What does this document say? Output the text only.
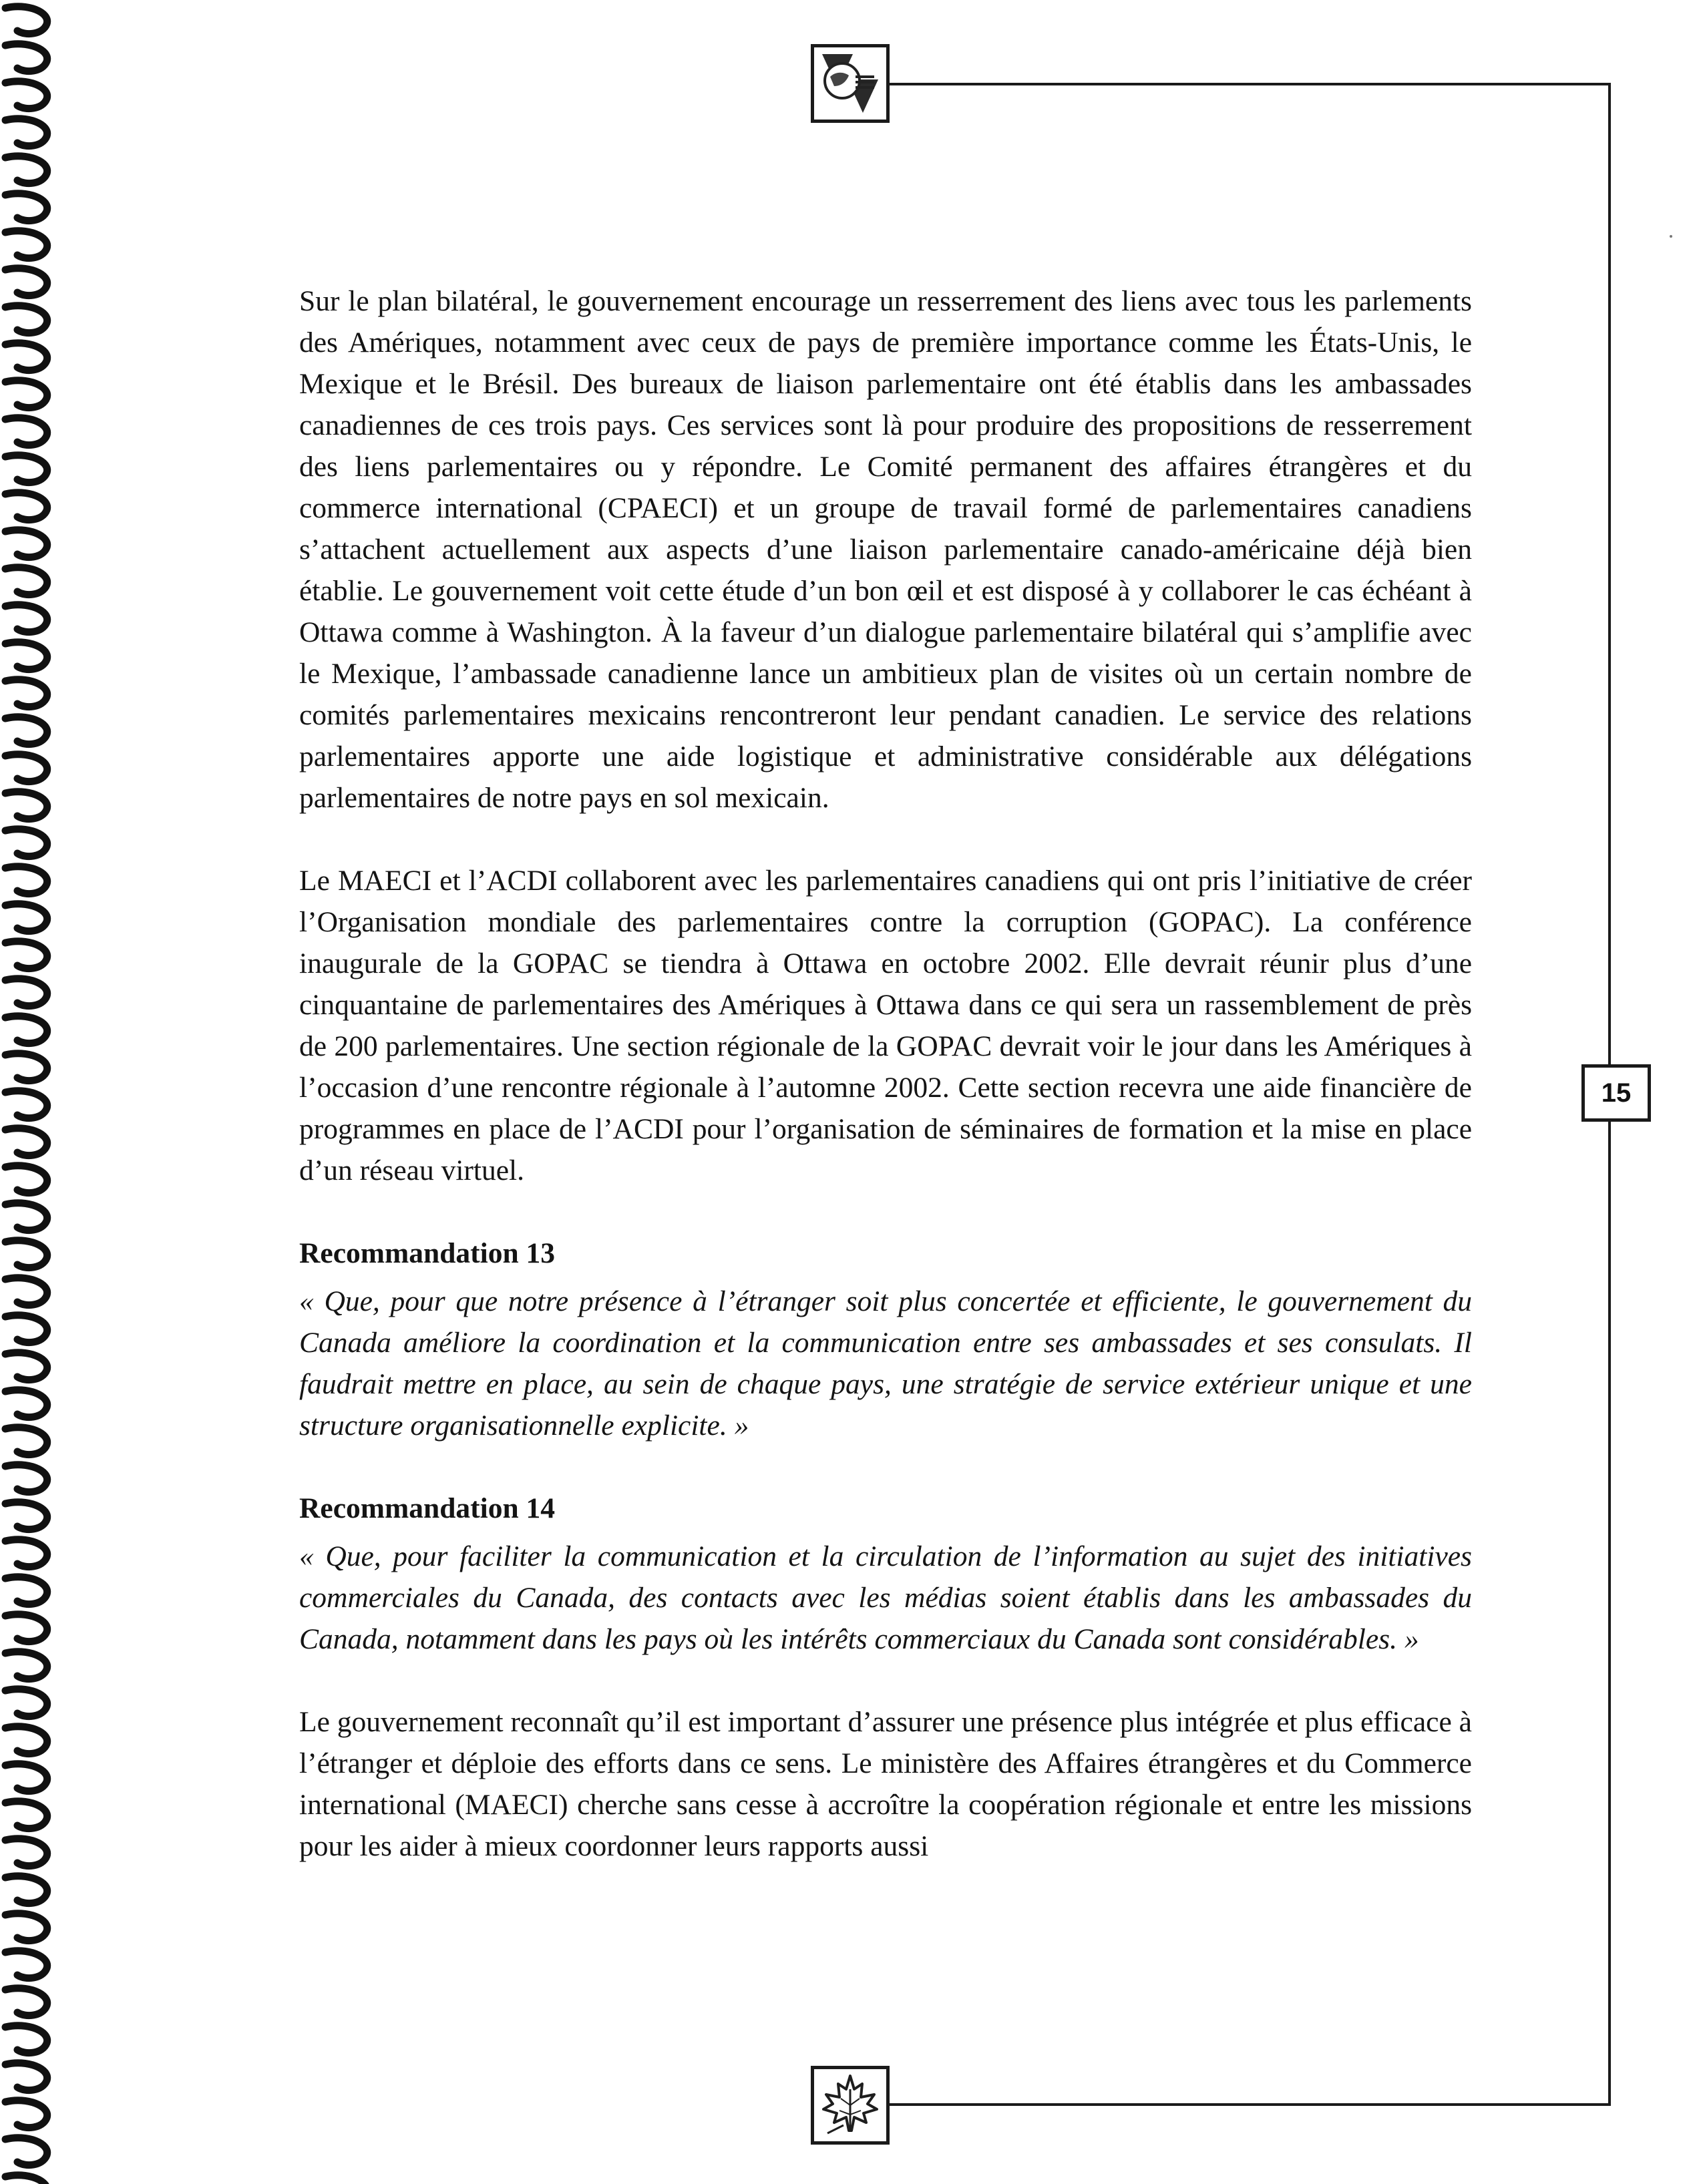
15

Sur le plan bilatéral, le gouvernement encourage un resserrement des liens avec tous les parlements des Amériques, notamment avec ceux de pays de première importance comme les États-Unis, le Mexique et le Brésil. Des bureaux de liaison parlementaire ont été établis dans les ambassades canadiennes de ces trois pays. Ces services sont là pour produire des propositions de resserrement des liens parlementaires ou y répondre. Le Comité permanent des affaires étrangères et du commerce international (CPAECI) et un groupe de travail formé de parlementaires canadiens s’attachent actuellement aux aspects d’une liaison parlementaire canado-américaine déjà bien établie. Le gouvernement voit cette étude d’un bon œil et est disposé à y collaborer le cas échéant à Ottawa comme à Washington. À la faveur d’un dialogue parlementaire bilatéral qui s’amplifie avec le Mexique, l’ambassade canadienne lance un ambitieux plan de visites où un certain nombre de comités parlementaires mexicains rencontreront leur pendant canadien. Le service des relations parlementaires apporte une aide logistique et administrative considérable aux délégations parlementaires de notre pays en sol mexicain.

Le MAECI et l’ACDI collaborent avec les parlementaires canadiens qui ont pris l’initiative de créer l’Organisation mondiale des parlementaires contre la corruption (GOPAC). La conférence inaugurale de la GOPAC se tiendra à Ottawa en octobre 2002. Elle devrait réunir plus d’une cinquantaine de parlementaires des Amériques à Ottawa dans ce qui sera un rassemblement de près de 200 parlementaires. Une section régionale de la GOPAC devrait voir le jour dans les Amériques à l’occasion d’une rencontre régionale à l’automne 2002. Cette section recevra une aide financière de programmes en place de l’ACDI pour l’organisation de séminaires de formation et la mise en place d’un réseau virtuel.

Recommandation 13

« Que, pour que notre présence à l’étranger soit plus concertée et efficiente, le gouvernement du Canada améliore la coordination et la communication entre ses ambassades et ses consulats. Il faudrait mettre en place, au sein de chaque pays, une stratégie de service extérieur unique et une structure organisationnelle explicite. »

Recommandation 14

« Que, pour faciliter la communication et la circulation de l’information au sujet des initiatives commerciales du Canada, des contacts avec les médias soient établis dans les ambassades du Canada, notamment dans les pays où les intérêts commerciaux du Canada sont considérables. »

Le gouvernement reconnaît qu’il est important d’assurer une présence plus intégrée et plus efficace à l’étranger et déploie des efforts dans ce sens. Le ministère des Affaires étrangères et du Commerce international (MAECI) cherche sans cesse à accroître la coopération régionale et entre les missions pour les aider à mieux coordonner leurs rapports aussi
